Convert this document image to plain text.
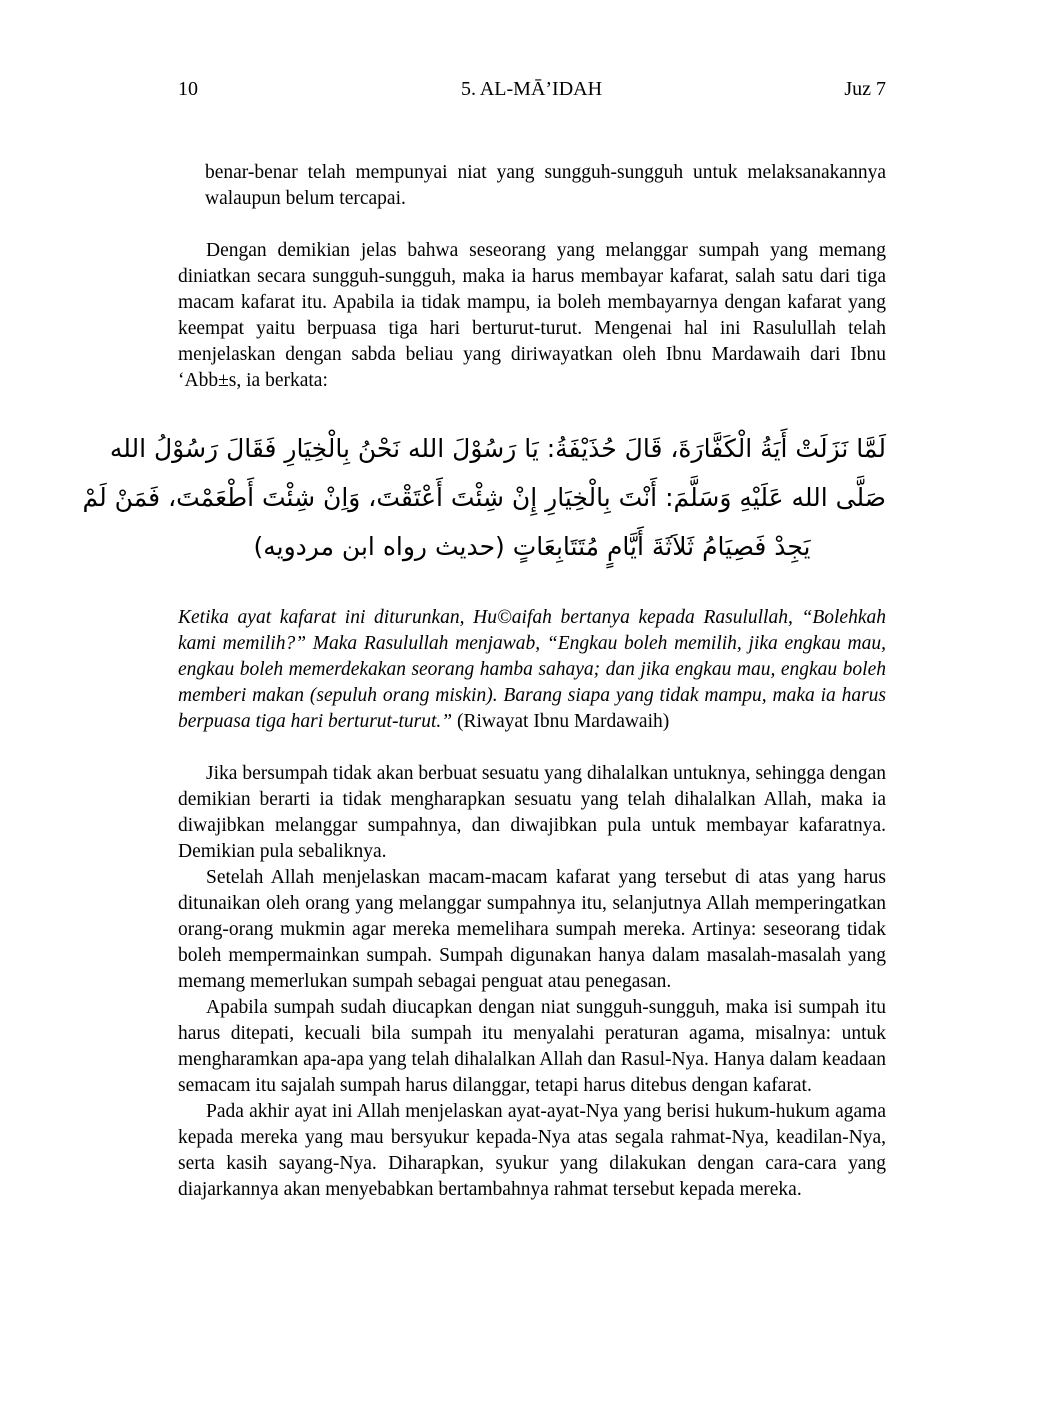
10	5. AL-MĀ’IDAH	Juz 7

benar-benar telah mempunyai niat yang sungguh-sungguh untuk melaksanakannya walaupun belum tercapai.

Dengan demikian jelas bahwa seseorang yang melanggar sumpah yang memang diniatkan secara sungguh-sungguh, maka ia harus membayar kafarat, salah satu dari tiga macam kafarat itu. Apabila ia tidak mampu, ia boleh membayarnya dengan kafarat yang keempat yaitu berpuasa tiga hari berturut-turut. Mengenai hal ini Rasulullah telah menjelaskan dengan sabda beliau yang diriwayatkan oleh Ibnu Mardawaih dari Ibnu ‘Abb±s, ia berkata:

لَمَّا نَزَلَتْ أَيَةُ الْكَفَّارَةَ، قَالَ حُذَيْفَةُ: يَا رَسُوْلَ الله نَحْنُ بِالْخِيَارِ فَقَالَ رَسُوْلُ الله
صَلَّى الله عَلَيْهِ وَسَلَّمَ: أَنْتَ بِالْخِيَارِ إِنْ شِئْتَ أَعْتَقْتَ، وَاِنْ شِئْتَ أَطْعَمْتَ، فَمَنْ لَمْ
يَجِدْ فَصِيَامُ ثَلاَثَةَ أَيَّامٍ مُتَتَابِعَاتٍ (حديث رواه ابن مردويه)

Ketika ayat kafarat ini diturunkan, Hu©aifah bertanya kepada Rasulullah, “Bolehkah kami memilih?” Maka Rasulullah menjawab, “Engkau boleh memilih, jika engkau mau, engkau boleh memerdekakan seorang hamba sahaya; dan jika engkau mau, engkau boleh memberi makan (sepuluh orang miskin). Barang siapa yang tidak mampu, maka ia harus berpuasa tiga hari berturut-turut.” (Riwayat Ibnu Mardawaih)

Jika bersumpah tidak akan berbuat sesuatu yang dihalalkan untuknya, sehingga dengan demikian berarti ia tidak mengharapkan sesuatu yang telah dihalalkan Allah, maka ia diwajibkan melanggar sumpahnya, dan diwajibkan pula untuk membayar kafaratnya. Demikian pula sebaliknya.

Setelah Allah menjelaskan macam-macam kafarat yang tersebut di atas yang harus ditunaikan oleh orang yang melanggar sumpahnya itu, selanjutnya Allah memperingatkan orang-orang mukmin agar mereka memelihara sumpah mereka. Artinya: seseorang tidak boleh mempermainkan sumpah. Sumpah digunakan hanya dalam masalah-masalah yang memang memerlukan sumpah sebagai penguat atau penegasan.

Apabila sumpah sudah diucapkan dengan niat sungguh-sungguh, maka isi sumpah itu harus ditepati, kecuali bila sumpah itu menyalahi peraturan agama, misalnya: untuk mengharamkan apa-apa yang telah dihalalkan Allah dan Rasul-Nya. Hanya dalam keadaan semacam itu sajalah sumpah harus dilanggar, tetapi harus ditebus dengan kafarat.

Pada akhir ayat ini Allah menjelaskan ayat-ayat-Nya yang berisi hukum-hukum agama kepada mereka yang mau bersyukur kepada-Nya atas segala rahmat-Nya, keadilan-Nya, serta kasih sayang-Nya. Diharapkan, syukur yang dilakukan dengan cara-cara yang diajarkannya akan menyebabkan bertambahnya rahmat tersebut kepada mereka.
